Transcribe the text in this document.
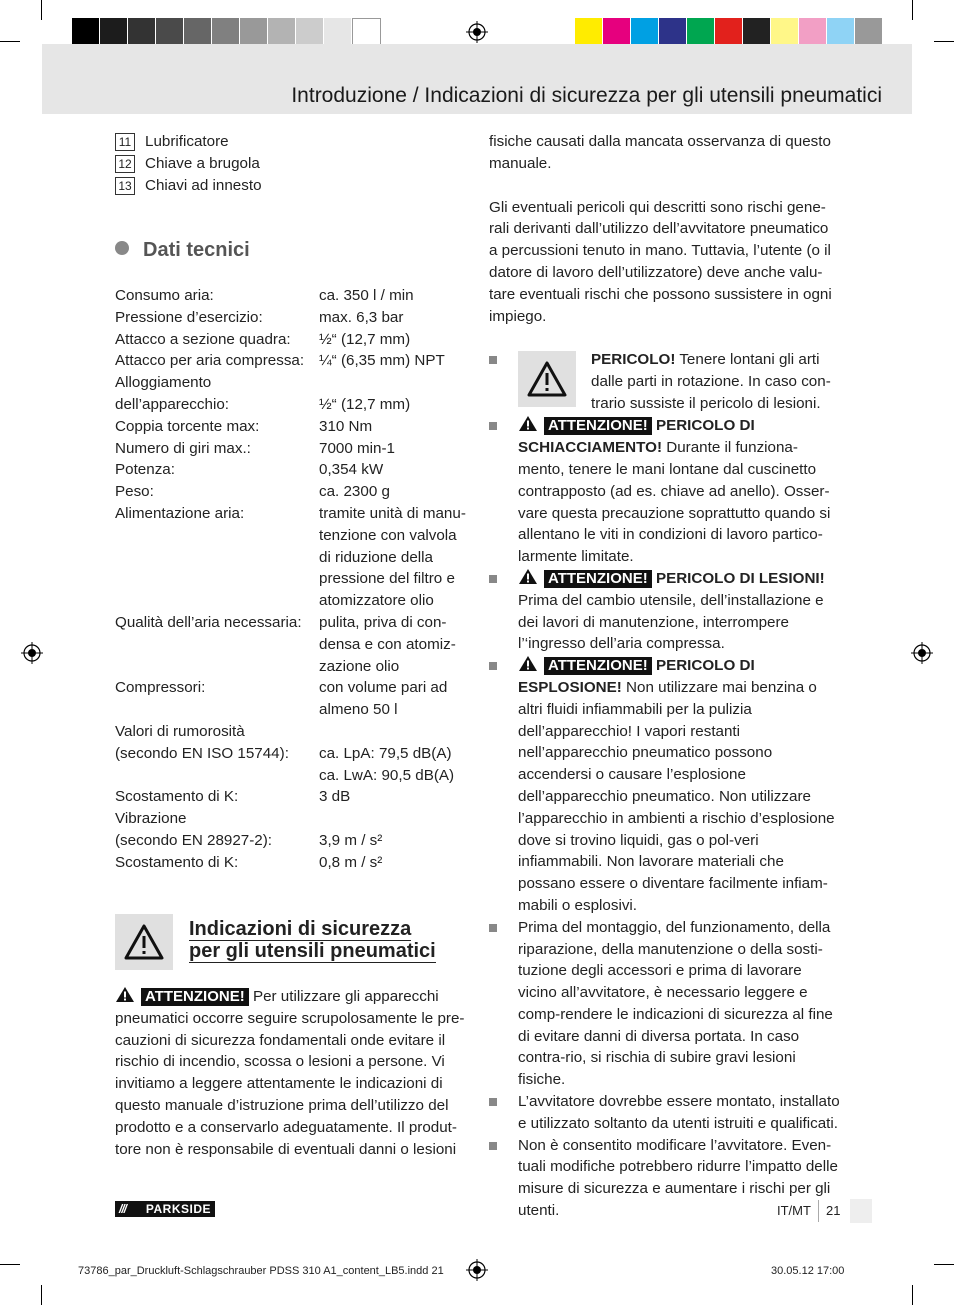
Introduzione / Indicazioni di sicurezza per gli utensili pneumatici
11 Lubrificatore
12 Chiave a brugola
13 Chiavi ad innesto
Dati tecnici
Consumo aria:	ca. 350 l / min
Pressione d’esercizio:	max. 6,3 bar
Attacco a sezione quadra:	½“ (12,7 mm)
Attacco per aria compressa:	¼“ (6,35 mm) NPT
Alloggiamento	
dell’apparecchio:	½“ (12,7 mm)
Coppia torcente max:	310 Nm
Numero di giri max.:	7000 min-1
Potenza:	0,354 kW
Peso:	ca. 2300 g
Alimentazione aria:	tramite unità di manu-tenzione con valvola di riduzione della pressione del filtro e atomizzatore olio
Qualità dell’aria necessaria:	pulita, priva di con-densa e con atomiz-zazione olio
Compressori:	con volume pari ad almeno 50 l
Valori di rumorosità	
(secondo EN ISO 15744):	ca. LpA: 79,5 dB(A)
	ca. LwA: 90,5 dB(A)
Scostamento di K:	3 dB
Vibrazione	
(secondo EN 28927-2):	3,9 m / s²
Scostamento di K:	0,8 m / s²
Indicazioni di sicurezza
per gli utensili pneumatici
ATTENZIONE! Per utilizzare gli apparecchi pneumatici occorre seguire scrupolosamente le pre-cauzioni di sicurezza fondamentali onde evitare il rischio di incendio, scossa o lesioni a persone. Vi invitiamo a leggere attentamente le indicazioni di questo manuale d’istruzione prima dell’utilizzo del prodotto e a conservarlo adeguatamente. Il produt-tore non è responsabile di eventuali danni o lesioni
fisiche causati dalla mancata osservanza di questo manuale.
Gli eventuali pericoli qui descritti sono rischi gene-rali derivanti dall’utilizzo dell’avvitatore pneumatico a percussioni tenuto in mano. Tuttavia, l’utente (o il datore di lavoro dell’utilizzatore) deve anche valu-tare eventuali rischi che possono sussistere in ogni impiego.
PERICOLO! Tenere lontani gli arti dalle parti in rotazione. In caso con-trario sussiste il pericolo di lesioni.
ATTENZIONE! PERICOLO DI SCHIACCIAMENTO! Durante il funziona-mento, tenere le mani lontane dal cuscinetto contrapposto (ad es. chiave ad anello). Osser-vare questa precauzione soprattutto quando si allentano le viti in condizioni di lavoro partico-larmente limitate.
ATTENZIONE! PERICOLO DI LESIONI! Prima del cambio utensile, dell’installazione e dei lavori di manutenzione, interrompere l’‘ingresso dell’aria compressa.
ATTENZIONE! PERICOLO DI ESPLOSIONE! Non utilizzare mai benzina o altri fluidi infiammabili per la pulizia dell’apparecchio! I vapori restanti nell’apparecchio pneumatico possono accendersi o causare l’esplosione dell’apparecchio pneumatico. Non utilizzare l’apparecchio in ambienti a rischio d’esplosione dove si trovino liquidi, gas o pol-veri infiammabili. Non lavorare materiali che possano essere o diventare facilmente infiam-mabili o esplosivi.
Prima del montaggio, del funzionamento, della riparazione, della manutenzione o della sosti-tuzione degli accessori e prima di lavorare vicino all’avvitatore, è necessario leggere e comp-rendere le indicazioni di sicurezza al fine di evitare danni di diversa portata. In caso contra-rio, si rischia di subire gravi lesioni fisiche.
L’avvitatore dovrebbe essere montato, installato e utilizzato soltanto da utenti istruiti e qualificati.
Non è consentito modificare l’avvitatore. Even-tuali modifiche potrebbero ridurre l’impatto delle misure di sicurezza e aumentare i rischi per gli utenti.
/// PARKSIDE	IT/MT 21
73786_par_Druckluft-Schlagschrauber PDSS 310 A1_content_LB5.indd 21	30.05.12 17:00
